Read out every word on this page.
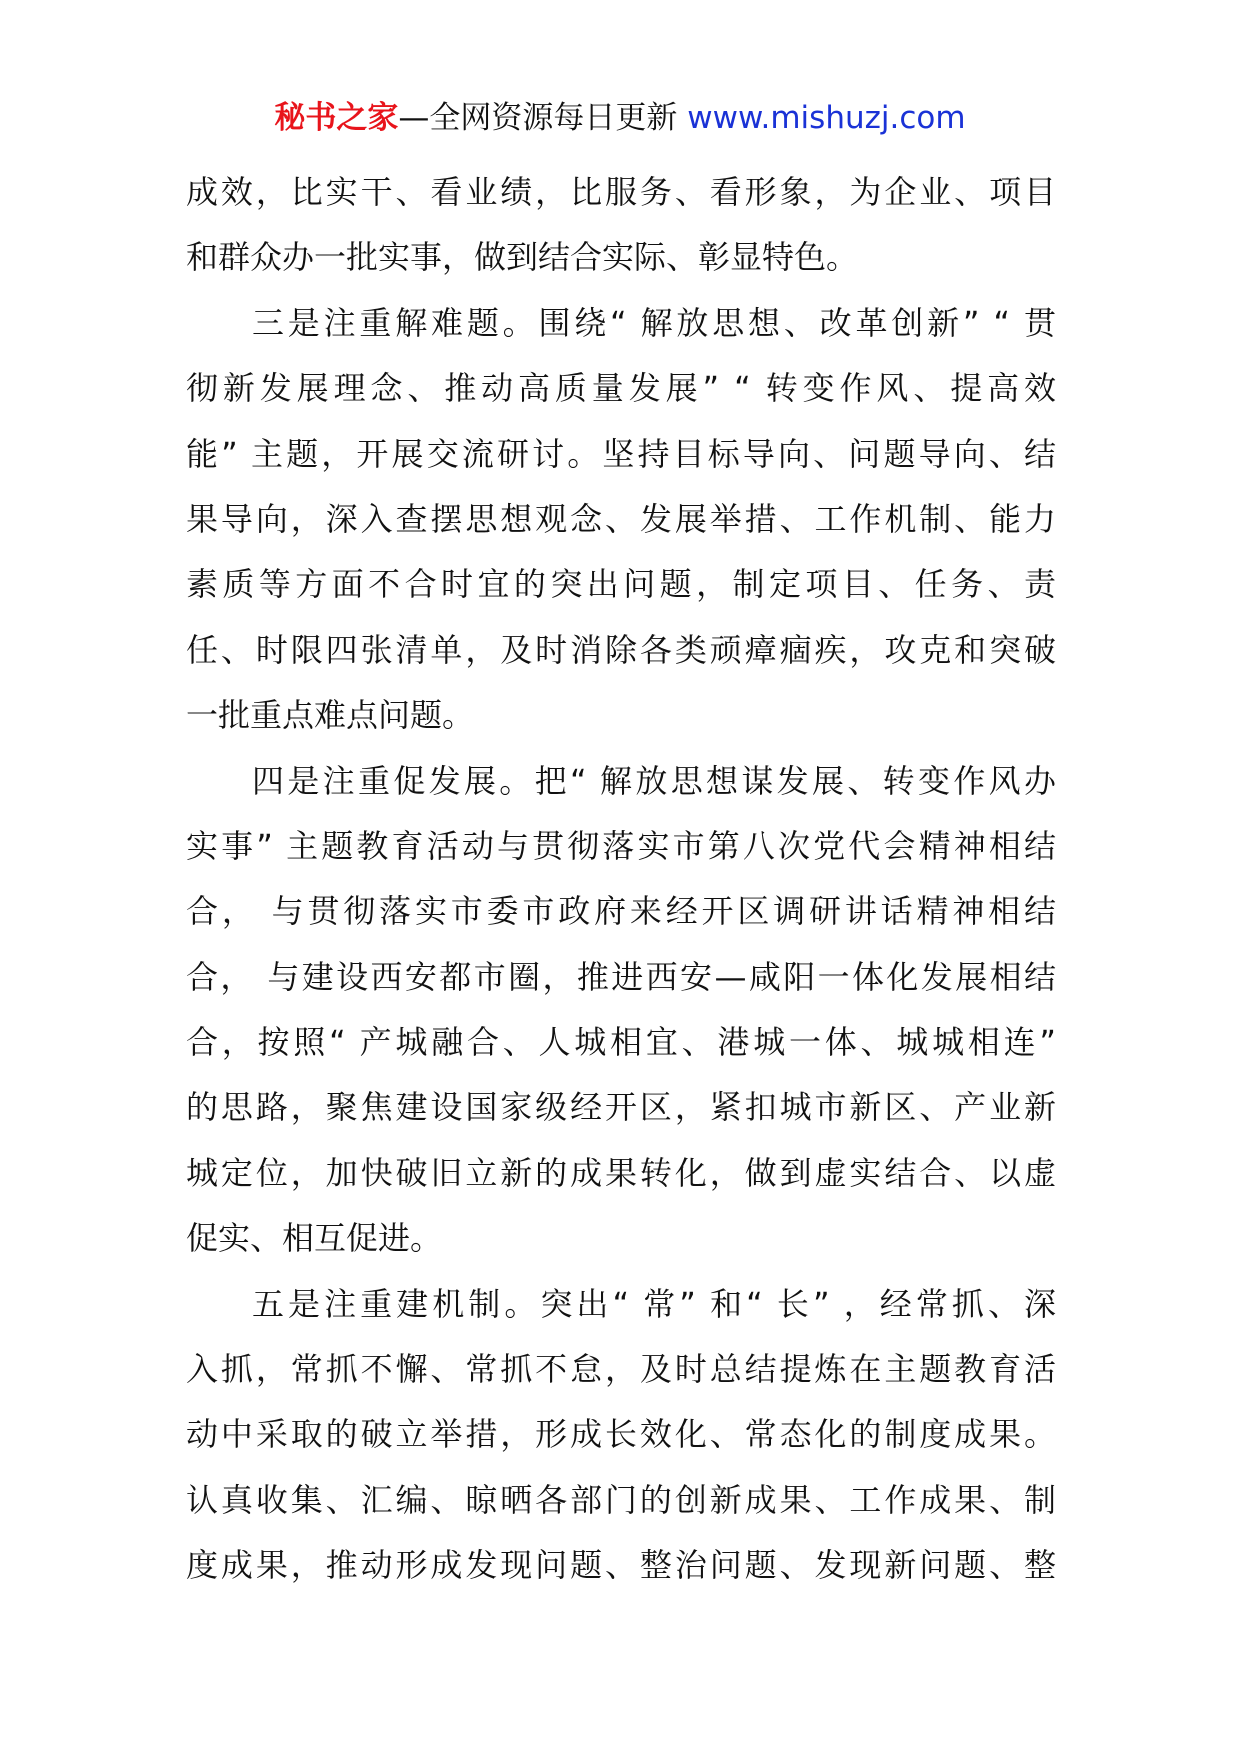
秘书之家—全网资源每日更新 www.mishuzj.com
成效，比实干、看业绩，比服务、看形象，为企业、项目
和群众办一批实事，做到结合实际、彰显特色。
三是注重解难题。围绕“ 解放思想、改革创新” “ 贯
彻新发展理念、推动高质量发展” “ 转变作风、提高效
能” 主题，开展交流研讨。坚持目标导向、问题导向、结
果导向，深入查摆思想观念、发展举措、工作机制、能力
素质等方面不合时宜的突出问题，制定项目、任务、责
任、时限四张清单，及时消除各类顽瘴痼疾，攻克和突破
一批重点难点问题。
四是注重促发展。把“ 解放思想谋发展、转变作风办
实事” 主题教育活动与贯彻落实市第八次党代会精神相结
合， 与贯彻落实市委市政府来经开区调研讲话精神相结
合， 与建设西安都市圈，推进西安—咸阳一体化发展相结
合，按照“ 产城融合、人城相宜、港城一体、城城相连”
的思路，聚焦建设国家级经开区，紧扣城市新区、产业新
城定位，加快破旧立新的成果转化，做到虚实结合、以虚
促实、相互促进。
五是注重建机制。突出“ 常” 和“ 长” ，经常抓、深
入抓，常抓不懈、常抓不怠，及时总结提炼在主题教育活
动中采取的破立举措，形成长效化、常态化的制度成果。
认真收集、汇编、晾晒各部门的创新成果、工作成果、制
度成果，推动形成发现问题、整治问题、发现新问题、整
